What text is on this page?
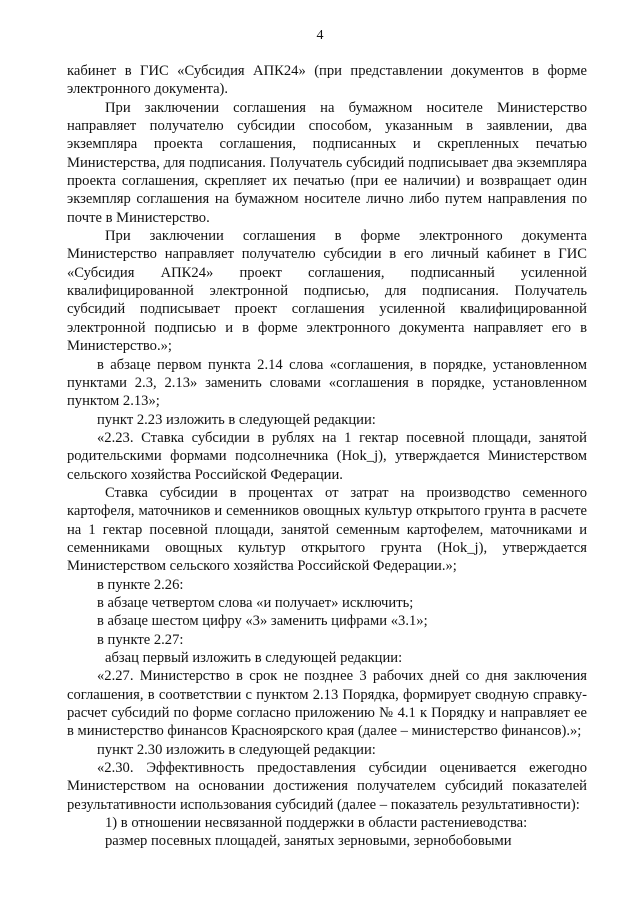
4

кабинет в ГИС «Субсидия АПК24» (при представлении документов в форме электронного документа).

При заключении соглашения на бумажном носителе Министерство направляет получателю субсидии способом, указанным в заявлении, два экземпляра проекта соглашения, подписанных и скрепленных печатью Министерства, для подписания. Получатель субсидий подписывает два экземпляра проекта соглашения, скрепляет их печатью (при ее наличии) и возвращает один экземпляр соглашения на бумажном носителе лично либо путем направления по почте в Министерство.

При заключении соглашения в форме электронного документа Министерство направляет получателю субсидии в его личный кабинет в ГИС «Субсидия АПК24» проект соглашения, подписанный усиленной квалифицированной электронной подписью, для подписания. Получатель субсидий подписывает проект соглашения усиленной квалифицированной электронной подписью и в форме электронного документа направляет его в Министерство.»;

в абзаце первом пункта 2.14 слова «соглашения, в порядке, установленном пунктами 2.3, 2.13» заменить словами «соглашения в порядке, установленном пунктом 2.13»;

пункт 2.23 изложить в следующей редакции:

«2.23. Ставка субсидии в рублях на 1 гектар посевной площади, занятой родительскими формами подсолнечника (Hok_j), утверждается Министерством сельского хозяйства Российской Федерации.

Ставка субсидии в процентах от затрат на производство семенного картофеля, маточников и семенников овощных культур открытого грунта в расчете на 1 гектар посевной площади, занятой семенным картофелем, маточниками и семенниками овощных культур открытого грунта (Hok_j), утверждается Министерством сельского хозяйства Российской Федерации.»;

в пункте 2.26:

в абзаце четвертом слова «и получает» исключить;

в абзаце шестом цифру «3» заменить цифрами «3.1»;

в пункте 2.27:

абзац первый изложить в следующей редакции:

«2.27. Министерство в срок не позднее 3 рабочих дней со дня заключения соглашения, в соответствии с пунктом 2.13 Порядка, формирует сводную справку-расчет субсидий по форме согласно приложению № 4.1 к Порядку и направляет ее в министерство финансов Красноярского края (далее – министерство финансов).»;

пункт 2.30 изложить в следующей редакции:

«2.30. Эффективность предоставления субсидии оценивается ежегодно Министерством на основании достижения получателем субсидий показателей результативности использования субсидий (далее – показатель результативности):

1) в отношении несвязанной поддержки в области растениеводства:

размер посевных площадей, занятых зерновыми, зернобобовыми
